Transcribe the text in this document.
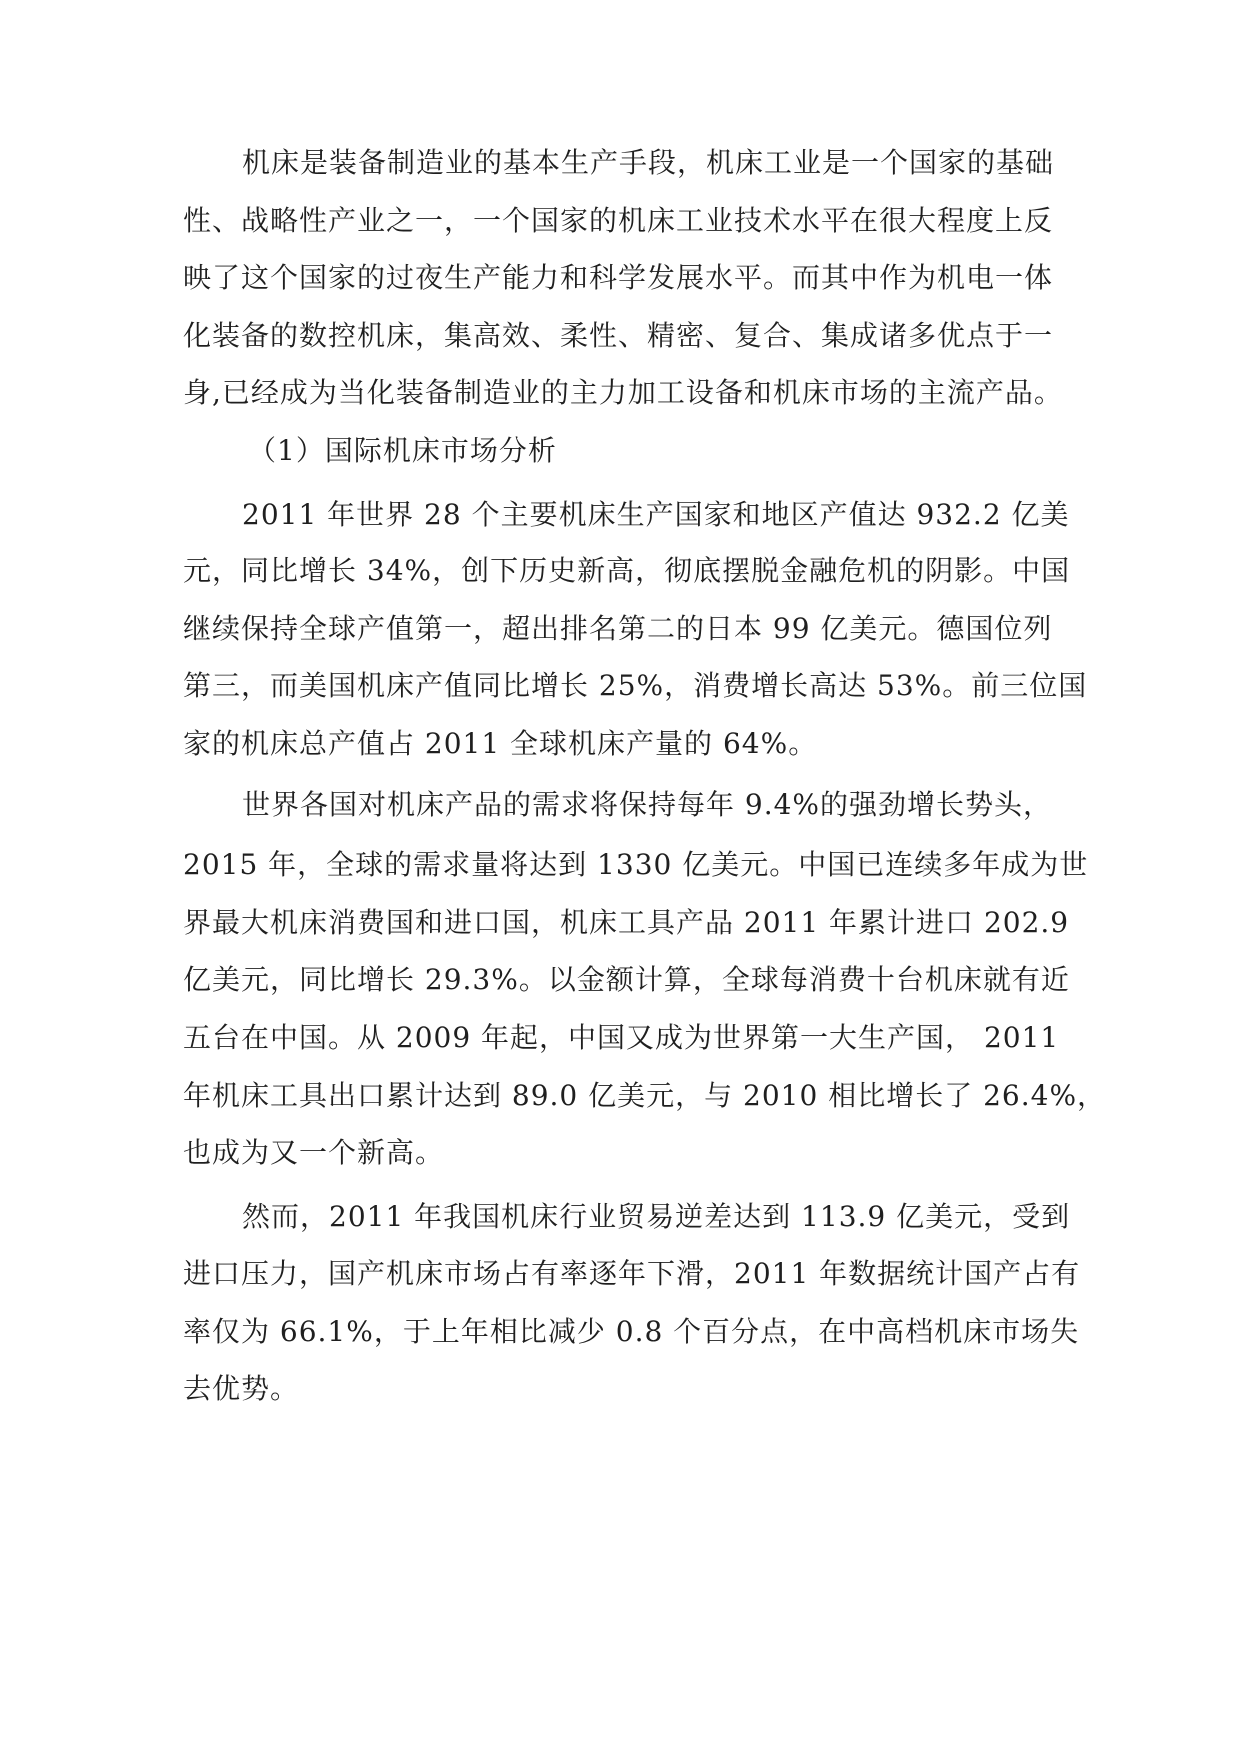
机床是装备制造业的基本生产手段，机床工业是一个国家的基础
性、战略性产业之一，一个国家的机床工业技术水平在很大程度上反
映了这个国家的过夜生产能力和科学发展水平。而其中作为机电一体
化装备的数控机床，集高效、柔性、精密、复合、集成诸多优点于一
身,已经成为当化装备制造业的主力加工设备和机床市场的主流产品。
（1）国际机床市场分析
2011 年世界 28 个主要机床生产国家和地区产值达 932.2 亿美
元，同比增长 34%，创下历史新高，彻底摆脱金融危机的阴影。中国
继续保持全球产值第一，超出排名第二的日本 99 亿美元。德国位列
第三，而美国机床产值同比增长 25%，消费增长高达 53%。前三位国
家的机床总产值占 2011 全球机床产量的 64%。
世界各国对机床产品的需求将保持每年 9.4%的强劲增长势头，
2015 年，全球的需求量将达到 1330 亿美元。中国已连续多年成为世
界最大机床消费国和进口国，机床工具产品 2011 年累计进口 202.9
亿美元，同比增长 29.3%。以金额计算，全球每消费十台机床就有近
五台在中国。从 2009 年起，中国又成为世界第一大生产国， 2011
年机床工具出口累计达到 89.0 亿美元，与 2010 相比增长了 26.4%，
也成为又一个新高。
然而，2011 年我国机床行业贸易逆差达到 113.9 亿美元，受到
进口压力，国产机床市场占有率逐年下滑，2011 年数据统计国产占有
率仅为 66.1%，于上年相比减少 0.8 个百分点，在中高档机床市场失
去优势。
